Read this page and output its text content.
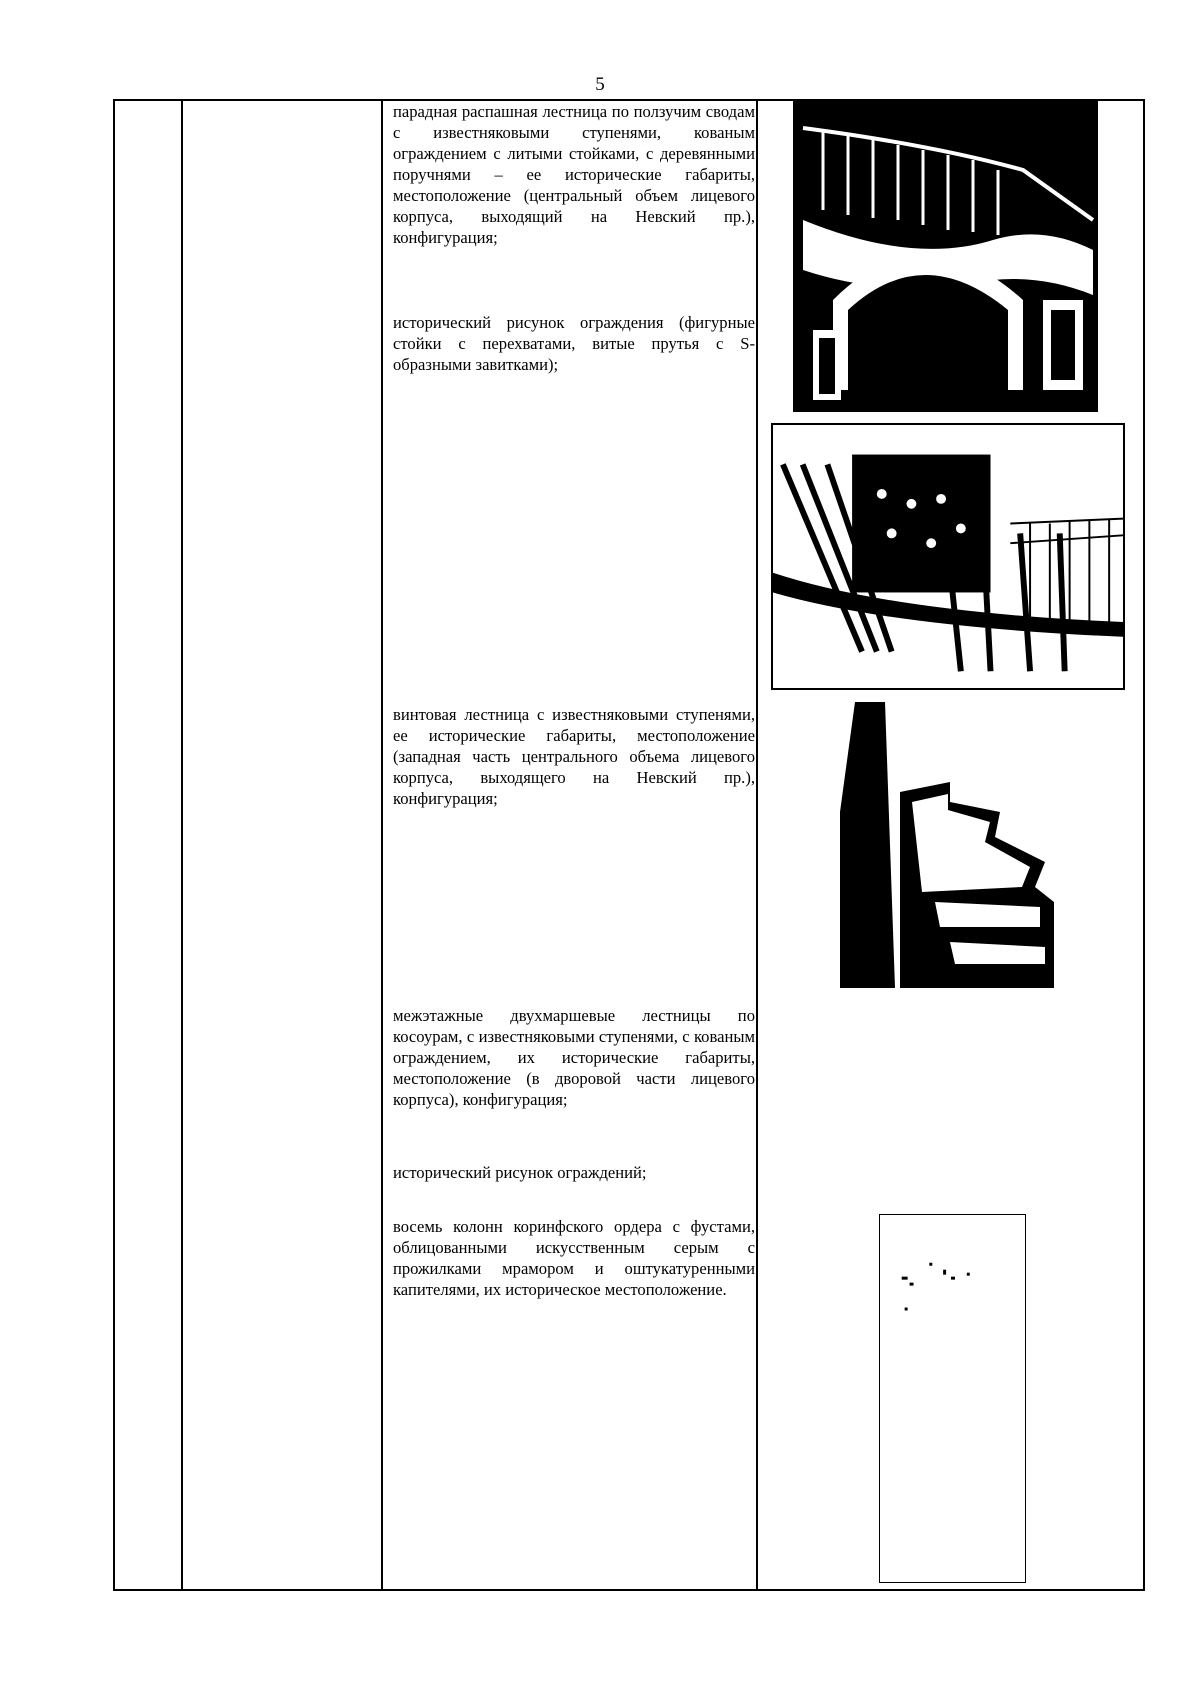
5
парадная распашная лестница по ползучим сводам с известняковыми ступенями, кованым ограждением с литыми стойками, с деревянными поручнями – ее исторические габариты, местоположение (центральный объем лицевого корпуса, выходящий на Невский пр.), конфигурация;
исторический рисунок ограждения (фигурные стойки с перехватами, витые прутья с S-образными завитками);
винтовая лестница с известняковыми ступенями, ее исторические габариты, местоположение (западная часть центрального объема лицевого корпуса, выходящего на Невский пр.), конфигурация;
межэтажные двухмаршевые лестницы по косоурам, с известняковыми ступенями, с кованым ограждением, их исторические габариты, местоположение (в дворовой части лицевого корпуса), конфигурация;
исторический рисунок ограждений;
восемь колонн коринфского ордера с фустами, облицованными искусственным серым с прожилками мрамором и оштукатуренными капителями, их историческое местоположение.
